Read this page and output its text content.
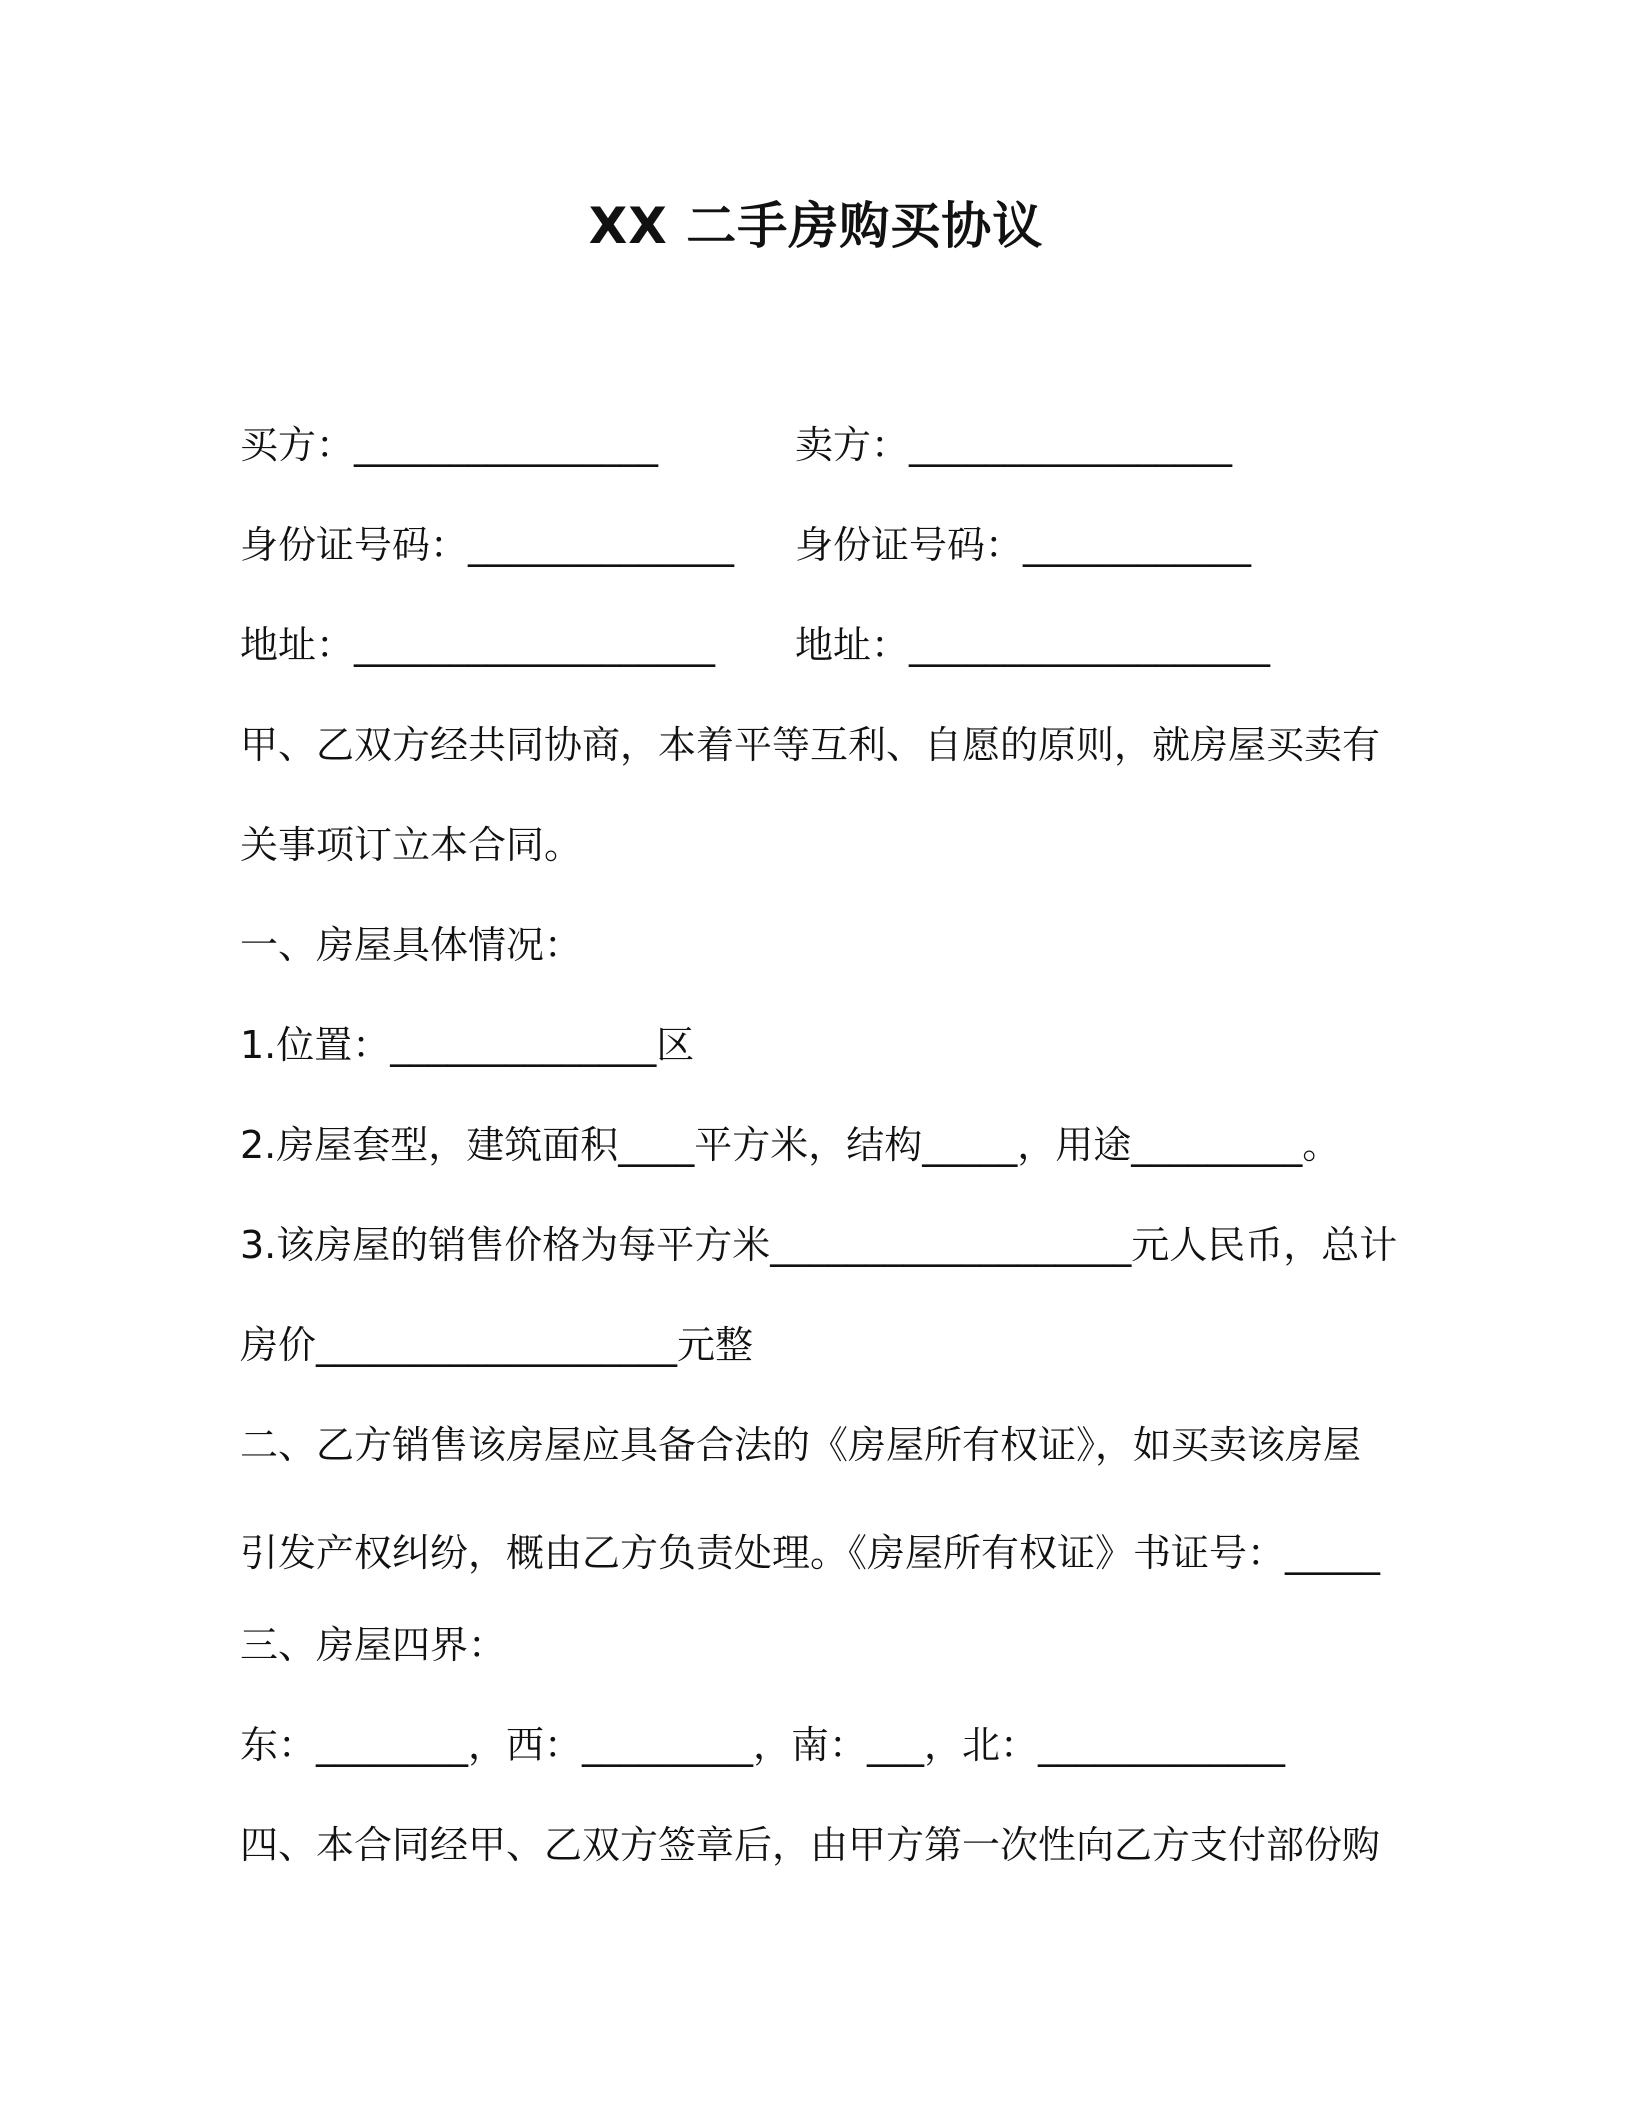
XX 二手房购买协议
买方：________________	卖方：_________________
身份证号码：______________ 身份证号码：____________
地址：___________________ 地址：___________________
甲、乙双方经共同协商，本着平等互利、自愿的原则，就房屋买卖有
关事项订立本合同。
一、房屋具体情况：
1.位置：______________区
2.房屋套型，建筑面积____平方米，结构_____，用途_________。
3.该房屋的销售价格为每平方米___________________元人民币，总计
房价___________________元整
二、乙方销售该房屋应具备合法的《房屋所有权证》，如买卖该房屋
引发产权纠纷，概由乙方负责处理。《房屋所有权证》书证号：_____
三、房屋四界：
东：________，西：_________，南：___，北：_____________
四、本合同经甲、乙双方签章后，由甲方第一次性向乙方支付部份购
